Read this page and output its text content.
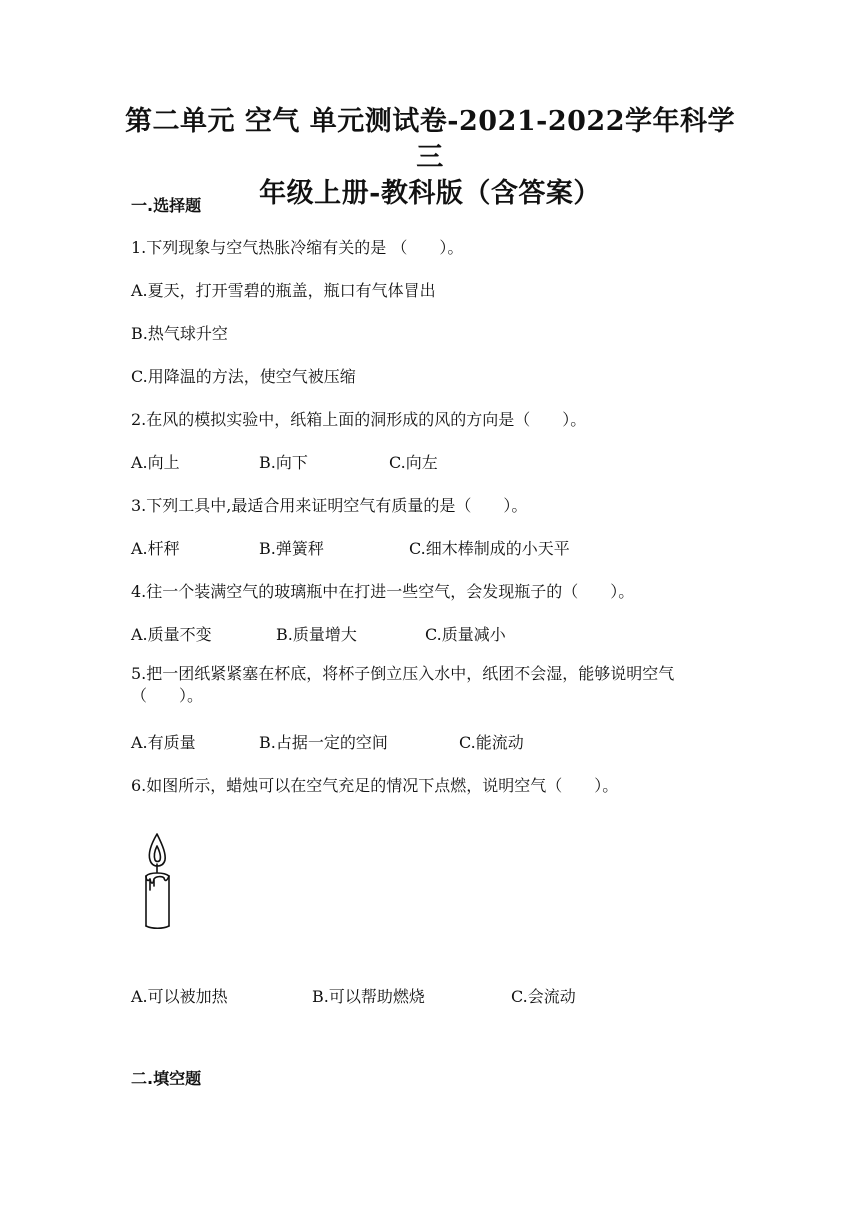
第二单元 空气 单元测试卷-2021-2022学年科学三
年级上册-教科版（含答案）
一.选择题
1.下列现象与空气热胀冷缩有关的是 （　　）。
A.夏天，打开雪碧的瓶盖，瓶口有气体冒出
B.热气球升空
C.用降温的方法，使空气被压缩
2.在风的模拟实验中，纸箱上面的洞形成的风的方向是（　　）。
A.向上	B.向下	C.向左
3.下列工具中,最适合用来证明空气有质量的是（　　）。
A.杆秤	B.弹簧秤	C.细木棒制成的小天平
4.往一个装满空气的玻璃瓶中在打进一些空气，会发现瓶子的（　　）。
A.质量不变	B.质量增大	C.质量减小
5.把一团纸紧紧塞在杯底，将杯子倒立压入水中，纸团不会湿，能够说明空气
（　　）。
A.有质量	B.占据一定的空间	C.能流动
6.如图所示，蜡烛可以在空气充足的情况下点燃，说明空气（　　）。
A.可以被加热	B.可以帮助燃烧	C.会流动
二.填空题
